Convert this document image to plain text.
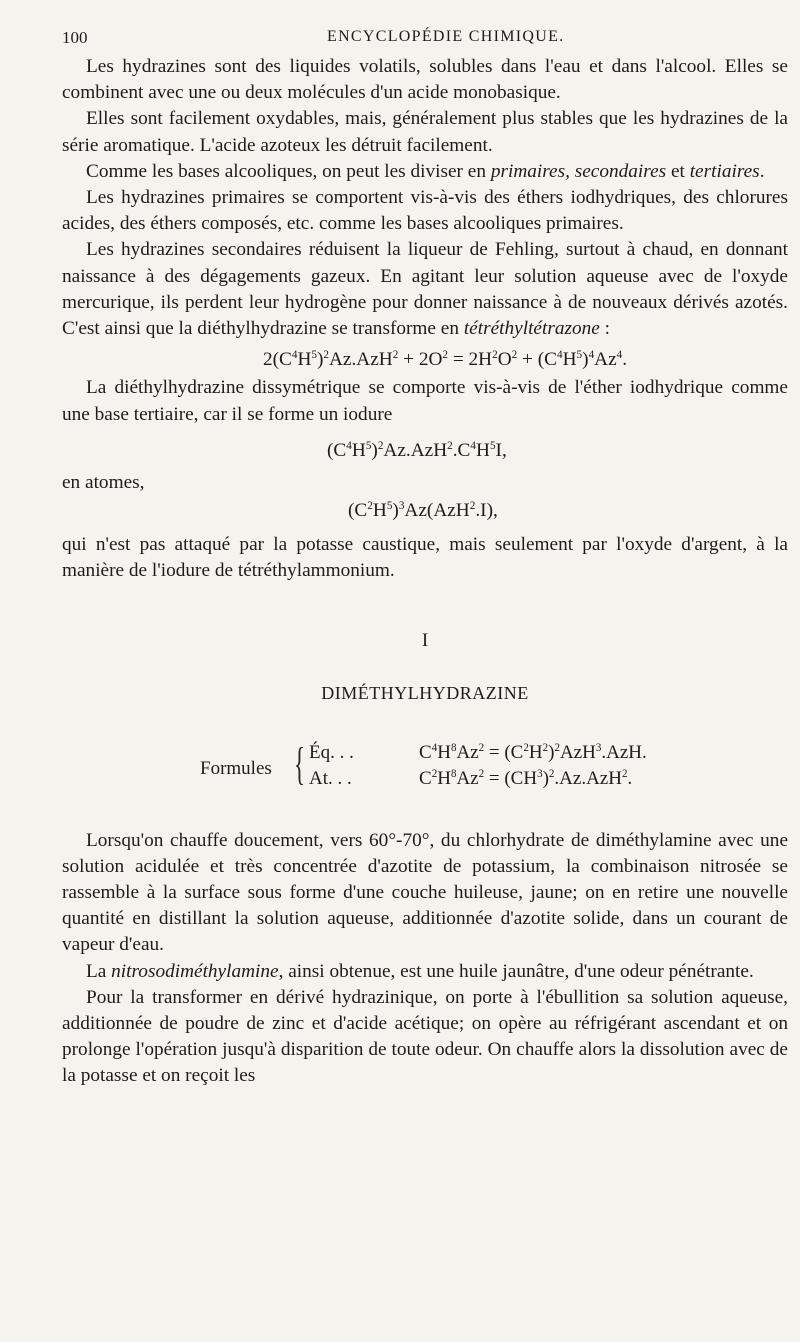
100	ENCYCLOPÉDIE CHIMIQUE.

Les hydrazines sont des liquides volatils, solubles dans l'eau et dans l'alcool. Elles se combinent avec une ou deux molécules d'un acide monobasique.

Elles sont facilement oxydables, mais, généralement plus stables que les hydrazines de la série aromatique. L'acide azoteux les détruit facilement.

Comme les bases alcooliques, on peut les diviser en primaires, secondaires et tertiaires.

Les hydrazines primaires se comportent vis-à-vis des éthers iodhydriques, des chlorures acides, des éthers composés, etc. comme les bases alcooliques primaires.

Les hydrazines secondaires réduisent la liqueur de Fehling, surtout à chaud, en donnant naissance à des dégagements gazeux. En agitant leur solution aqueuse avec de l'oxyde mercurique, ils perdent leur hydrogène pour donner naissance à de nouveaux dérivés azotés. C'est ainsi que la diéthylhydrazine se transforme en tétréthyltétrazone :

$2(C^4H^5)^2Az.AzH^2 + 2O^2 = 2H^2O^2 + (C^4H^5)^4Az^4$.

La diéthylhydrazine dissymétrique se comporte vis-à-vis de l'éther iodhydrique comme une base tertiaire, car il se forme un iodure

$(C^4H^5)^2Az.AzH^2.C^4H^5I$,
en atomes,
$(C^2H^5)^3Az(AzH^2.I)$,

qui n'est pas attaqué par la potasse caustique, mais seulement par l'oxyde d'argent, à la manière de l'iodure de tétréthylammonium.

I
DIMÉTHYLHYDRAZINE
Formules { Éq. . .	$C^4H^8Az^2 = (C^2H^2)^2AzH^3.AzH$.
At. . .	$C^2H^8Az^2 = (CH^3)^2.Az.AzH^2$.

Lorsqu'on chauffe doucement, vers 60°-70°, du chlorhydrate de diméthylamine avec une solution acidulée et très concentrée d'azotite de potassium, la combinaison nitrosée se rassemble à la surface sous forme d'une couche huileuse, jaune; on en retire une nouvelle quantité en distillant la solution aqueuse, additionnée d'azotite solide, dans un courant de vapeur d'eau.

La nitrosodiméthylamine, ainsi obtenue, est une huile jaunâtre, d'une odeur pénétrante.

Pour la transformer en dérivé hydrazinique, on porte à l'ébullition sa solution aqueuse, additionnée de poudre de zinc et d'acide acétique; on opère au réfrigérant ascendant et on prolonge l'opération jusqu'à disparition de toute odeur. On chauffe alors la dissolution avec de la potasse et on reçoit les
